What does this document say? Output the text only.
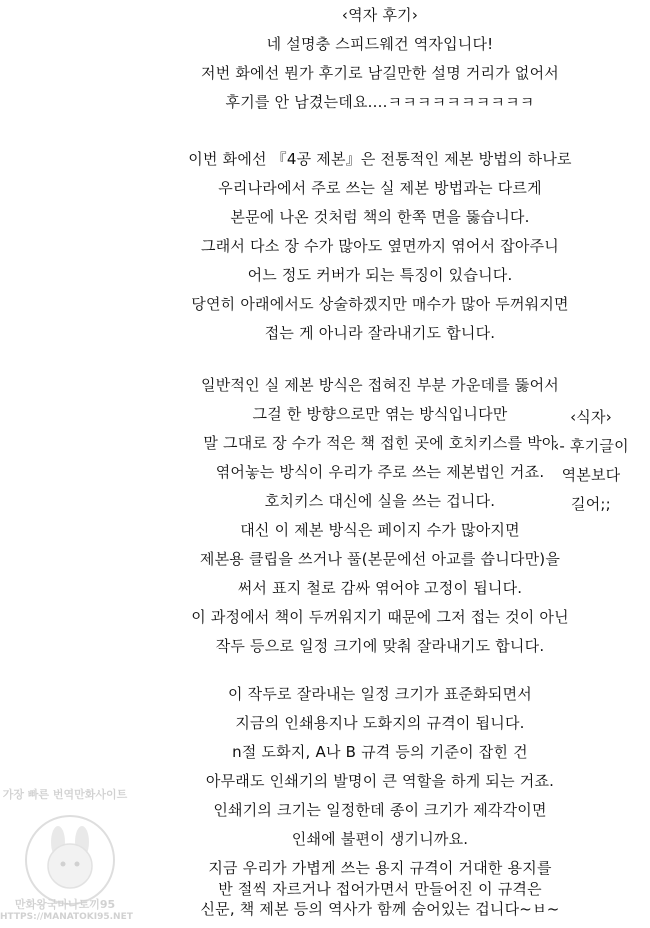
‹역자 후기›
네 설명충 스피드웨건 역자입니다!
저번 화에선 뭔가 후기로 남길만한 설명 거리가 없어서
후기를 안 남겼는데요....ㅋㅋㅋㅋㅋㅋㅋㅋㅋㅋ
이번 화에선 『4공 제본』은 전통적인 제본 방법의 하나로
우리나라에서 주로 쓰는 실 제본 방법과는 다르게
본문에 나온 것처럼 책의 한쪽 면을 뚫습니다.
그래서 다소 장 수가 많아도 옆면까지 엮어서 잡아주니
어느 정도 커버가 되는 특징이 있습니다.
당연히 아래에서도 상술하겠지만 매수가 많아 두꺼워지면
접는 게 아니라 잘라내기도 합니다.
일반적인 실 제본 방식은 접혀진 부분 가운데를 뚫어서
그걸 한 방향으로만 엮는 방식입니다만
말 그대로 장 수가 적은 책 접힌 곳에 호치키스를 박아
엮어놓는 방식이 우리가 주로 쓰는 제본법인 거죠.
호치키스 대신에 실을 쓰는 겁니다.
대신 이 제본 방식은 페이지 수가 많아지면
제본용 클립을 쓰거나 풀(본문에선 아교를 씁니다만)을
써서 표지 철로 감싸 엮어야 고정이 됩니다.
이 과정에서 책이 두꺼워지기 때문에 그저 접는 것이 아닌
작두 등으로 일정 크기에 맞춰 잘라내기도 합니다.
이 작두로 잘라내는 일정 크기가 표준화되면서
지금의 인쇄용지나 도화지의 규격이 됩니다.
n절 도화지, A나 B 규격 등의 기준이 잡힌 건
아무래도 인쇄기의 발명이 큰 역할을 하게 되는 거죠.
인쇄기의 크기는 일정한데 종이 크기가 제각각이면
인쇄에 불편이 생기니까요.
지금 우리가 가볍게 쓰는 용지 규격이 거대한 용지를
반 절씩 자르거나 접어가면서 만들어진 이 규격은
신문, 책 제본 등의 역사가 함께 숨어있는 겁니다~ㅂ~
‹식자›
‹- 후기글이
역본보다
길어;;
가장 빠른 번역만화사이트
만화왕국마나토끼95
HTTPS://MANATOKI95.NET
